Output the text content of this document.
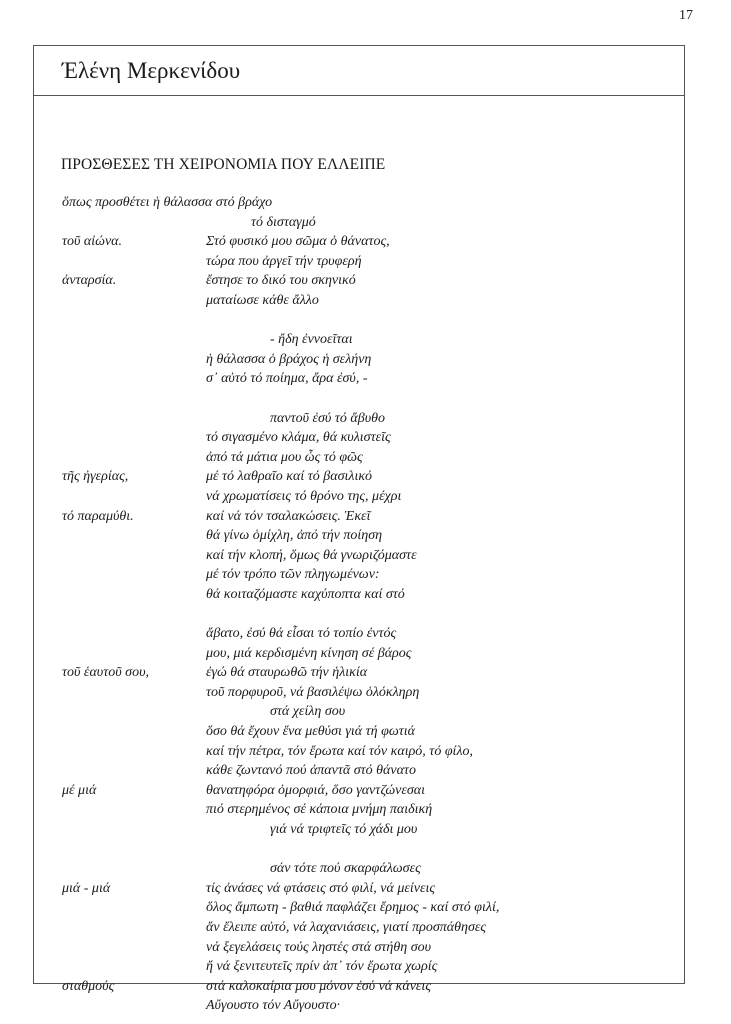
17
Έλένη Μερκενίδου
ΠΡΟΣΘΕΣΕΣ ΤΗ ΧΕΙΡΟΝΟΜΙΑ ΠΟΥ ΕΛΛΕΙΠΕ
ὅπως προσθέτει ἡ θάλασσα στό βράχο
τό δισταγμό
τοῦ αἰώνα.	Στό φυσικό μου σῶμα ὁ θάνατος,
τώρα που ἀργεῖ τήν τρυφερή
ἀνταρσία.	ἔστησε το δικό του σκηνικό
ματαίωσε κάθε ἄλλο
- ἤδη ἐννοεῖται
ἡ θάλασσα ὁ βράχος ἡ σελήνη
σ᾽ αὐτό τό ποίημα, ἄρα ἐσύ, -
παντοῦ ἐσύ τό ἄβυθο
τό σιγασμένο κλάμα, θά κυλιστεῖς
ἀπό τά μάτια μου ὦς τό φῶς
τῆς ἠγερίας,	μέ τό λαθραῖο καί τό βασιλικό
νά χρωματίσεις τό θρόνο της, μέχρι
τό παραμύθι.	καί νά τόν τσαλακώσεις. Ἐκεῖ
θά γίνω ὁμίχλη, ἀπό τήν ποίηση
καί τήν κλοπή, ὅμως θά γνωριζόμαστε
μέ τόν τρόπο τῶν πληγωμένων:
θά κοιταζόμαστε καχύποπτα καί στό
ἄβατο, ἐσύ θά εἶσαι τό τοπίο ἐντός
μου, μιά κερδισμένη κίνηση σέ βάρος
τοῦ ἑαυτοῦ σου,	ἐγώ θά σταυρωθῶ τήν ἡλικία
τοῦ πορφυροῦ, νά βασιλέψω ὁλόκληρη
στά χείλη σου
ὅσο θά ἔχουν ἕνα μεθύσι γιά τή φωτιά
καί τήν πέτρα, τόν ἔρωτα καί τόν καιρό, τό φίλο,
κάθε ζωντανό πού ἀπαντᾶ στό θάνατο
μέ μιά	θανατηφόρα ὀμορφιά, ὅσο γαντζώνεσαι
πιό στερημένος σέ κάποια μνήμη παιδική
γιά νά τριφτεῖς τό χάδι μου
σάν τότε πού σκαρφάλωσες
μιά - μιά	τίς ἀνάσες νά φτάσεις στό φιλί, νά μείνεις
ὅλος ἄμπωτη - βαθιά παφλάζει ἔρημος - καί στό φιλί,
ἄν ἔλειπε αὐτό, νά λαχανιάσεις, γιατί προσπάθησες
νά ξεγελάσεις τούς ληστές στά στήθη σου
ἤ νά ξενιτευτεῖς πρίν ἀπ᾽ τόν ἔρωτα χωρίς
σταθμούς	στά καλοκαίρια μου μόνον ἐσύ νά κάνεις
Αὔγουστο τόν Αὔγουστο·
